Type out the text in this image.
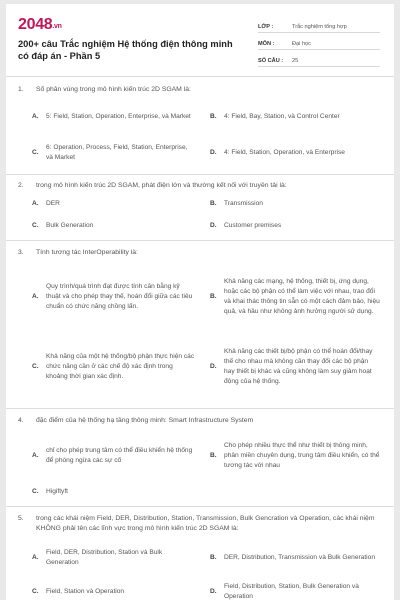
2048.vn
200+ câu Trắc nghiệm Hệ thống điện thông minh có đáp án - Phần 5
LỚP :	Trắc nghiệm tổng hợp
MÔN :	Đại học
SỐ CÂU :	25
1.	Số phân vùng trong mô hình kiến trúc 2D SGAM là:
A.	5: Field, Station, Operation, Enterprise, và Market	B.	4: Field, Bay, Station, và Control Center
C.
6: Operation, Process, Field, Station, Enterprise, và Market
D.	4: Field, Station, Operation, và Enterprise
2.	trong mô hình kiến trúc 2D SGAM, phát điện lớn và thường kết nối với truyền tải là:
A.	DER	B.	Transmission
C.	Bulk Generation	D.	Customer premises
3.	Tính tương tác InterOperability là:
A.
Quy trình/quá trình đạt được tính cân bằng kỹ thuật và cho phép thay thế, hoán đổi giữa các tiêu chuẩn có chức năng chồng lấn.
B.
Khả năng các mạng, hệ thống, thiết bị, ứng dụng, hoặc các bộ phận có thể làm việc với nhau, trao đổi và khai thác thông tin sẵn có một cách đảm bảo, hiệu quả, và hầu như không ảnh hưởng người sử dụng.
C.
Khả năng của một hệ thống/bộ phận thực hiện các chức năng cần ở các chế độ xác định trong khoảng thời gian xác định.
D.
Khả năng các thiết bị/bộ phận có thể hoán đổi/thay thế cho nhau mà không cần thay đổi các bộ phận hay thiết bị khác và cũng không làm suy giảm hoạt động của hệ thống.
4.	đặc điểm của hệ thống hạ tầng thông minh: Smart Infrastructure System
A.
chỉ cho phép trung tâm có thể điều khiển hệ thống để phòng ngừa các sự cố
B.
Cho phép nhiều thực thể như thiết bị thông minh, phân miền chuyên dụng, trung tâm điều khiển, có thể tương tác với nhau
C.	Higiftyft
5.	trong các khái niệm Field, DER, Distribution, Station, Transmission, Bulk Gencration và Operation, các khái niệm KHÔNG phải tên các lĩnh vực trong mô hình kiến trúc 2D SGAM là:
A.
Field, DER, Distribution, Station và Bulk Generation
B.	DER, Distribution, Transmission và Bulk Generation
C.	Field, Station và Operation	D.
Field, Distribution, Station, Bulk Generation và Operation
